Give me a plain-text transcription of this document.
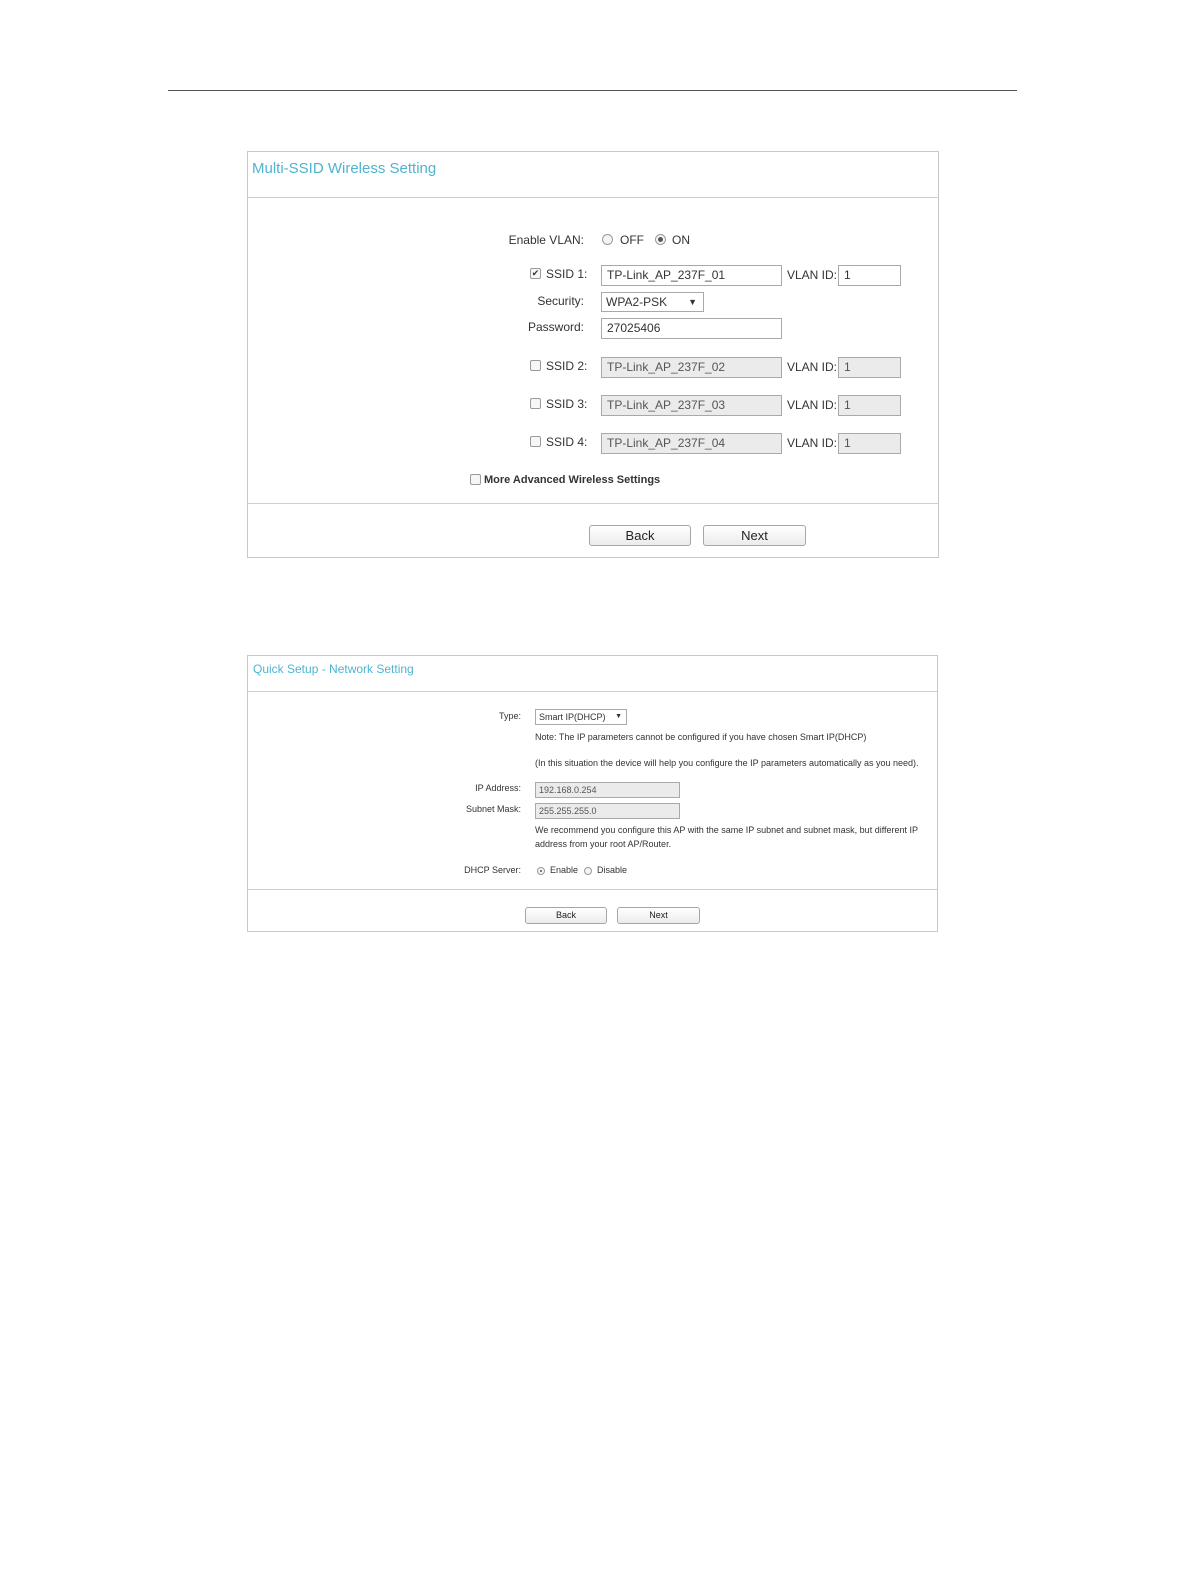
Multi-SSID Wireless Setting
Enable VLAN:	OFF ON
✔ SSID 1:	TP-Link_AP_237F_01	VLAN ID: 1
Security:	WPA2-PSK ▼
Password:	27025406
SSID 2:	TP-Link_AP_237F_02	VLAN ID: 1
SSID 3:	TP-Link_AP_237F_03	VLAN ID: 1
SSID 4:	TP-Link_AP_237F_04	VLAN ID: 1
More Advanced Wireless Settings
Back	Next
Quick Setup - Network Setting
Type:	Smart IP(DHCP) ▼
Note: The IP parameters cannot be configured if you have chosen Smart IP(DHCP)
(In this situation the device will help you configure the IP parameters automatically as you need).
IP Address:	192.168.0.254
Subnet Mask:	255.255.255.0
We recommend you configure this AP with the same IP subnet and subnet mask, but different IP
address from your root AP/Router.
DHCP Server:	Enable Disable
Back	Next
